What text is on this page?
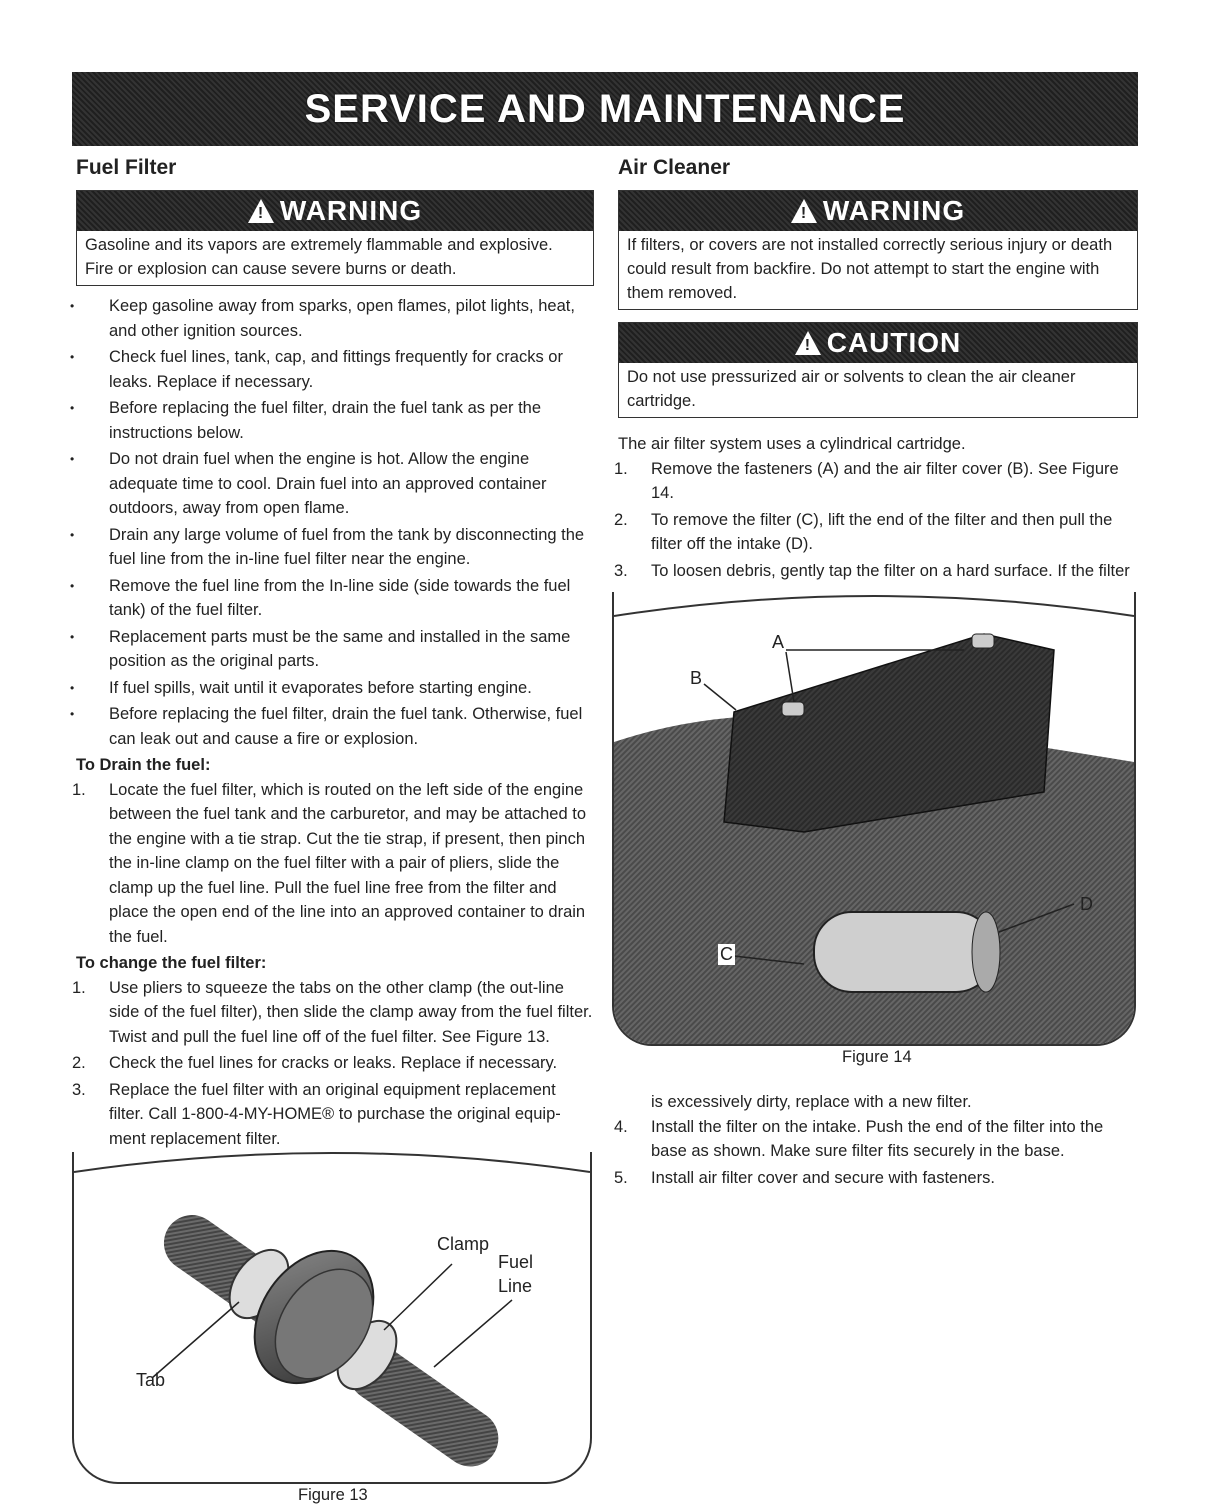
SERVICE AND MAINTENANCE
Fuel Filter
! WARNING
Gasoline and its vapors are extremely flammable and explosive. Fire or explosion can cause severe burns or death.
• Keep gasoline away from sparks, open flames, pilot lights, heat, and other ignition sources.
• Check fuel lines, tank, cap, and fittings frequently for cracks or leaks. Replace if necessary.
• Before replacing the fuel filter, drain the fuel tank as per the instructions below.
• Do not drain fuel when the engine is hot. Allow the engine adequate time to cool. Drain fuel into an approved container outdoors, away from open flame.
• Drain any large volume of fuel from the tank by disconnecting the fuel line from the in-line fuel filter near the engine.
• Remove the fuel line from the In-line side (side towards the fuel tank) of the fuel filter.
• Replacement parts must be the same and installed in the same position as the original parts.
• If fuel spills, wait until it evaporates before starting engine.
• Before replacing the fuel filter, drain the fuel tank. Otherwise, fuel can leak out and cause a fire or explosion.
To Drain the fuel:
1. Locate the fuel filter, which is routed on the left side of the engine between the fuel tank and the carburetor, and may be attached to the engine with a tie strap. Cut the tie strap, if present, then pinch the in-line clamp on the fuel filter with a pair of pliers, slide the clamp up the fuel line. Pull the fuel line free from the filter and place the open end of the line into an approved container to drain the fuel.
To change the fuel filter:
1. Use pliers to squeeze the tabs on the other clamp (the out-line side of the fuel filter), then slide the clamp away from the fuel filter. Twist and pull the fuel line off of the fuel filter. See Figure 13.
2. Check the fuel lines for cracks or leaks. Replace if necessary.
3. Replace the fuel filter with an original equipment replacement filter. Call 1-800-4-MY-HOME® to purchase the original equip-ment replacement filter.
Clamp
Fuel
Line
Tab
Figure 13
Air Cleaner
! WARNING
If filters, or covers are not installed correctly serious injury or death could result from backfire. Do not attempt to start the engine with them removed.
! CAUTION
Do not use pressurized air or solvents to clean the air cleaner cartridge.
The air filter system uses a cylindrical cartridge.
1. Remove the fasteners (A) and the air filter cover (B). See Figure 14.
2. To remove the filter (C), lift the end of the filter and then pull the filter off the intake (D).
3. To loosen debris, gently tap the filter on a hard surface. If the filter
A
B
C
D
Figure 14
is excessively dirty, replace with a new filter.
4. Install the filter on the intake. Push the end of the filter into the base as shown. Make sure filter fits securely in the base.
5. Install air filter cover and secure with fasteners.
